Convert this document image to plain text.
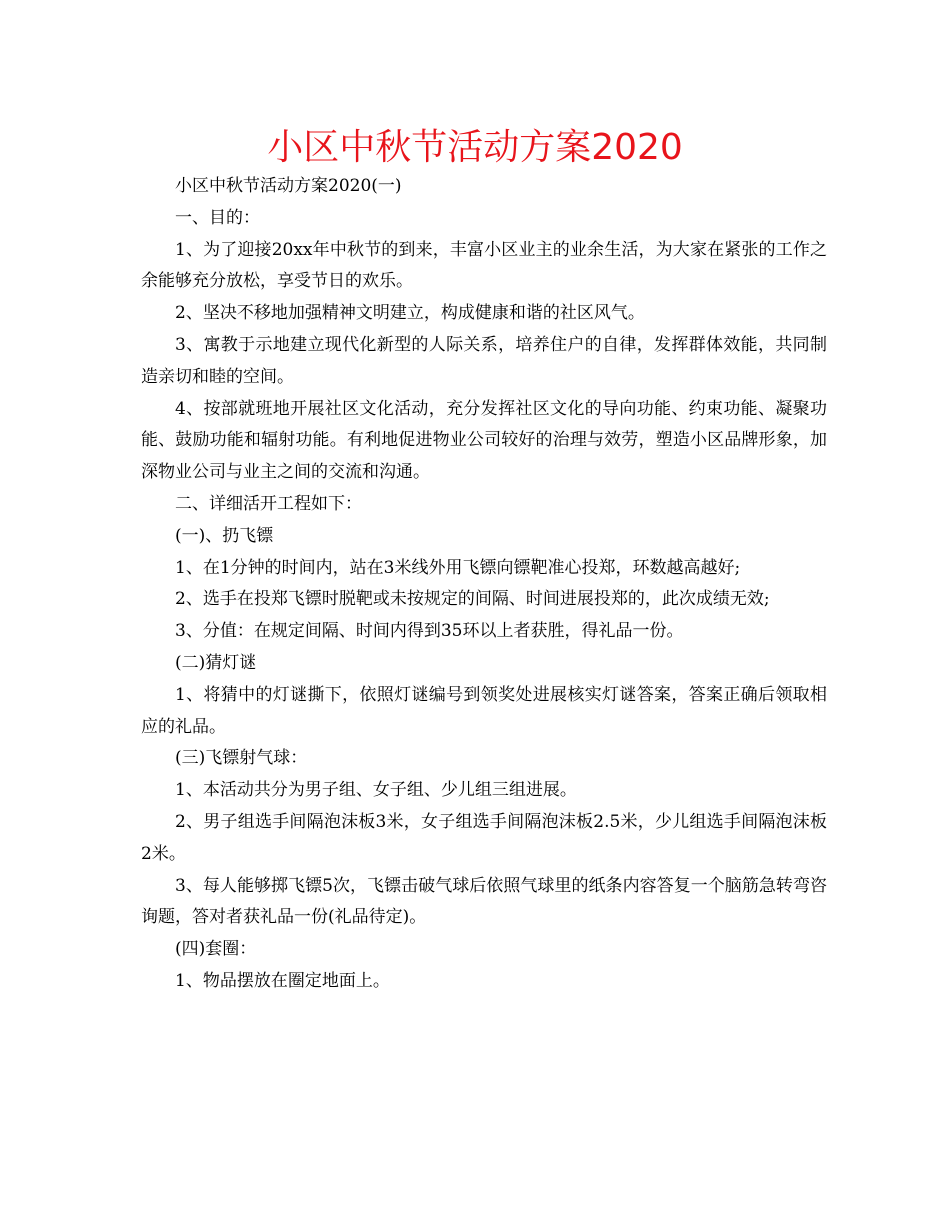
小区中秋节活动方案2020

小区中秋节活动方案2020(一)

一、目的：

1、为了迎接20xx年中秋节的到来，丰富小区业主的业余生活，为大家在紧张的工作之余能够充分放松，享受节日的欢乐。

2、坚决不移地加强精神文明建立，构成健康和谐的社区风气。

3、寓教于示地建立现代化新型的人际关系，培养住户的自律，发挥群体效能，共同制造亲切和睦的空间。

4、按部就班地开展社区文化活动，充分发挥社区文化的导向功能、约束功能、凝聚功能、鼓励功能和辐射功能。有利地促进物业公司较好的治理与效劳，塑造小区品牌形象，加深物业公司与业主之间的交流和沟通。

二、详细活开工程如下：

(一)、扔飞镖

1、在1分钟的时间内，站在3米线外用飞镖向镖靶准心投郑，环数越高越好;

2、选手在投郑飞镖时脱靶或未按规定的间隔、时间进展投郑的，此次成绩无效;

3、分值：在规定间隔、时间内得到35环以上者获胜，得礼品一份。

(二)猜灯谜

1、将猜中的灯谜撕下，依照灯谜编号到领奖处进展核实灯谜答案，答案正确后领取相应的礼品。

(三)飞镖射气球：

1、本活动共分为男子组、女子组、少儿组三组进展。

2、男子组选手间隔泡沫板3米，女子组选手间隔泡沫板2.5米，少儿组选手间隔泡沫板2米。

3、每人能够掷飞镖5次，飞镖击破气球后依照气球里的纸条内容答复一个脑筋急转弯咨询题，答对者获礼品一份(礼品待定)。

(四)套圈：

1、物品摆放在圈定地面上。
